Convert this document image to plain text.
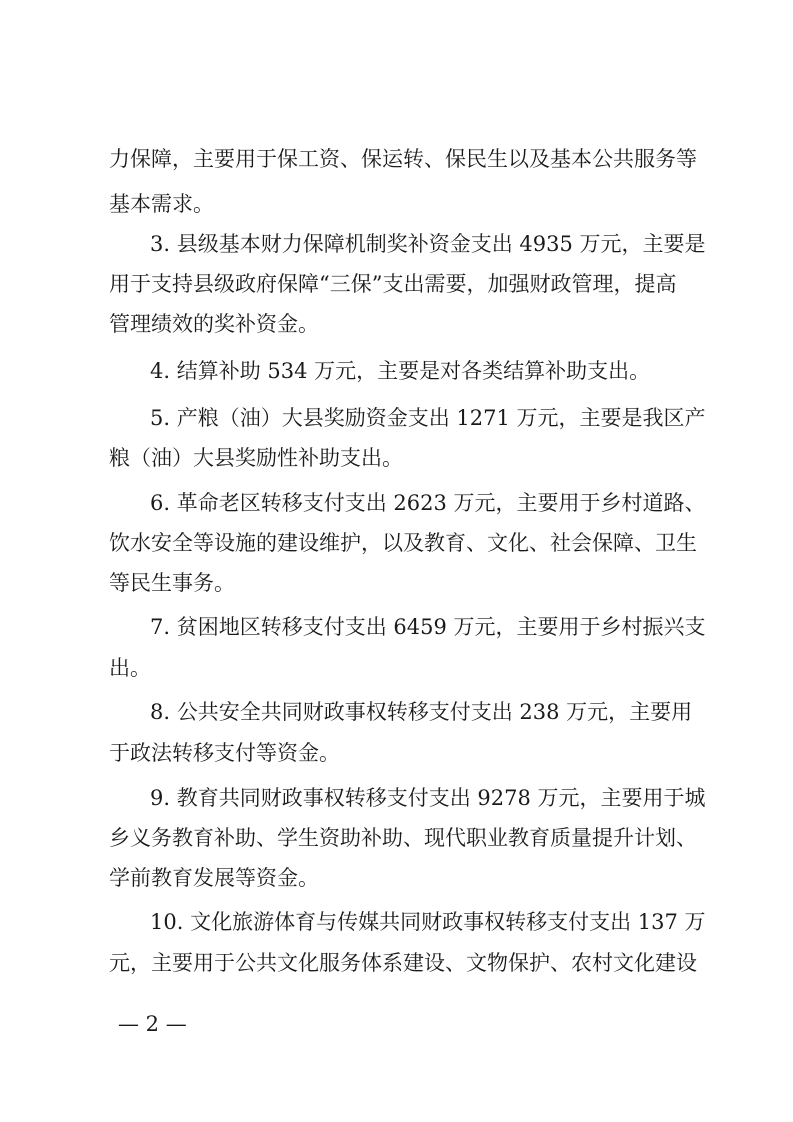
力保障，主要用于保工资、保运转、保民生以及基本公共服务等
基本需求。
3. 县级基本财力保障机制奖补资金支出 4935 万元，主要是
用于支持县级政府保障“三保”支出需要，加强财政管理，提高
管理绩效的奖补资金。
4. 结算补助 534 万元，主要是对各类结算补助支出。
5. 产粮（油）大县奖励资金支出 1271 万元，主要是我区产
粮（油）大县奖励性补助支出。
6. 革命老区转移支付支出 2623 万元，主要用于乡村道路、
饮水安全等设施的建设维护，以及教育、文化、社会保障、卫生
等民生事务。
7. 贫困地区转移支付支出 6459 万元，主要用于乡村振兴支
出。
8. 公共安全共同财政事权转移支付支出 238 万元，主要用
于政法转移支付等资金。
9. 教育共同财政事权转移支付支出 9278 万元，主要用于城
乡义务教育补助、学生资助补助、现代职业教育质量提升计划、
学前教育发展等资金。
10. 文化旅游体育与传媒共同财政事权转移支付支出 137 万
元，主要用于公共文化服务体系建设、文物保护、农村文化建设
— 2 —
